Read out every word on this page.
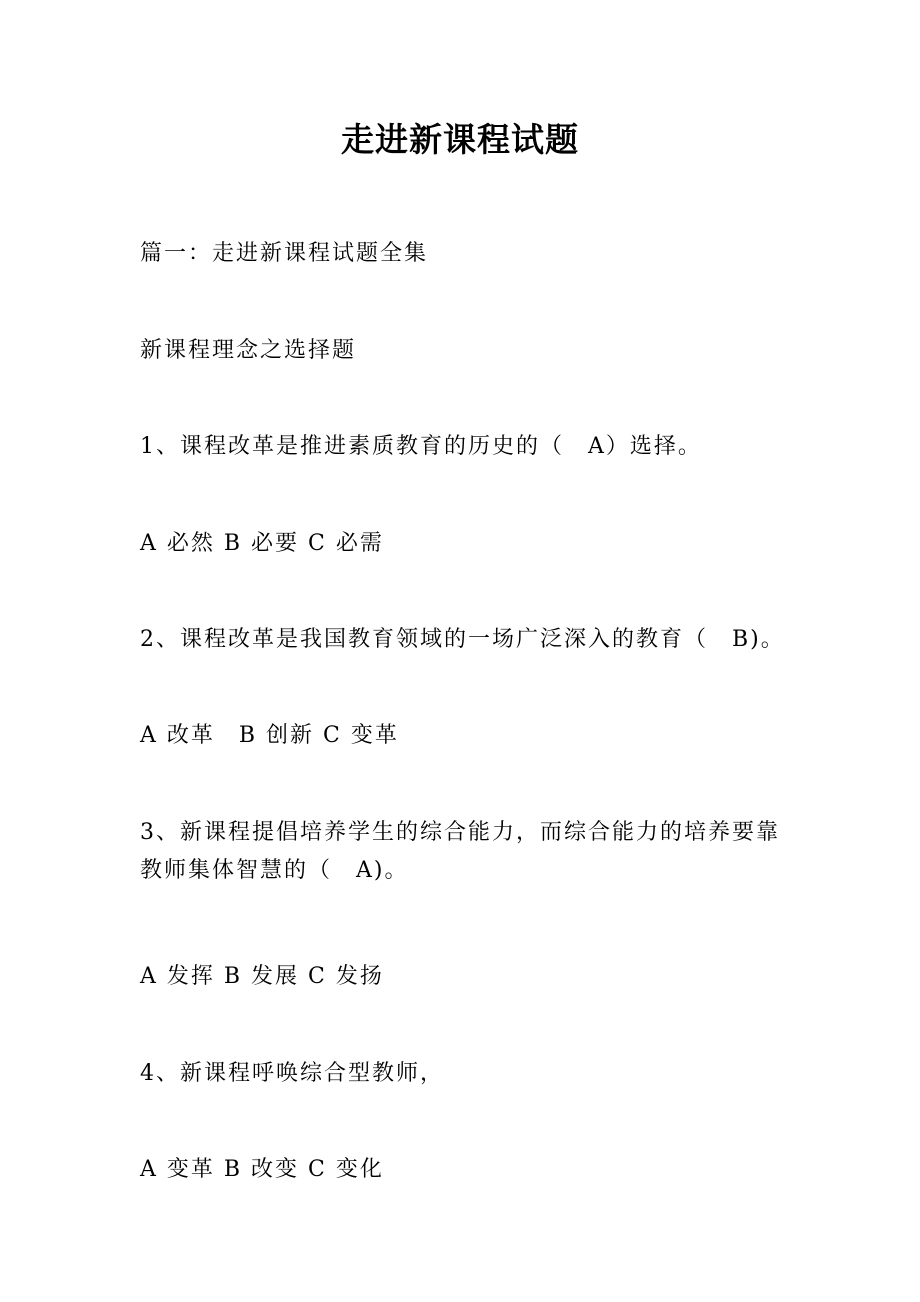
走进新课程试题

篇一：走进新课程试题全集

新课程理念之选择题

1、课程改革是推进素质教育的历史的（　A）选择。

A 必然 B 必要 C 必需

2、课程改革是我国教育领域的一场广泛深入的教育（　B)。

A 改革　B 创新 C 变革

3、新课程提倡培养学生的综合能力，而综合能力的培养要靠教师集体智慧的（　A)。

A 发挥 B 发展 C 发扬

4、新课程呼唤综合型教师，

A 变革 B 改变 C 变化
